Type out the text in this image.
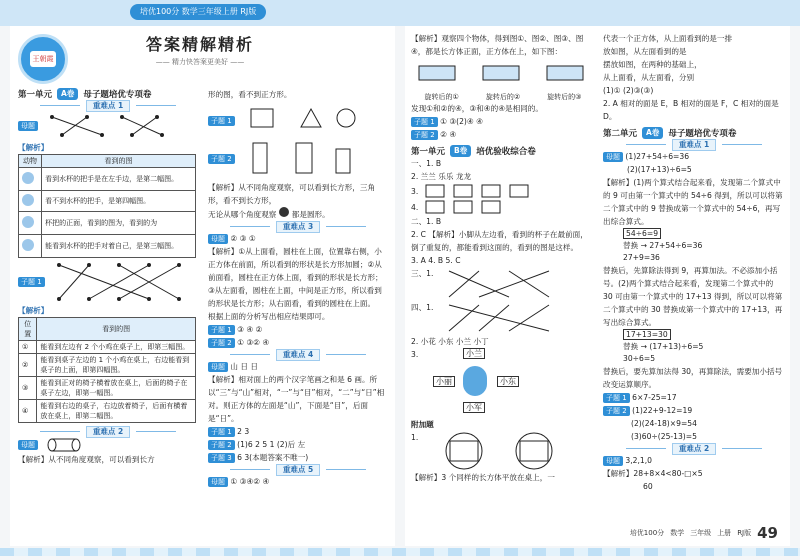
培优100分 数学三年级上册 RJ版
王朝霞
答案精解精析
—— 精力快答案更美好 ——
第一单元	A卷	母子题培优专项卷
重难点 1
母题

【解析】

动物	看到的图
	看到水杯的把手是在左手边，是第二幅图。
	看不到水杯的把手，是第四幅图。
	杯把的正面，看到的图为，看到的为
	能看到水杯的把手对着自己，是第三幅图。
子题 1

【解析】

位置	看到的图
①	能看到左边有 2 个小鸡在桌子上，即第三幅图。
②	能看到桌子左边的 1 个小鸡在桌上，右边能看到桌子的上面，即第四幅图。
③	能看到正对的椅子横着放在桌上，后面的椅子在桌子左边，即第一幅图。
④	能看到右边的桌子，右边放着椅子，后面有横着放在桌上，即第二幅图。
重难点 2
母题

【解析】从不同角度观察，可以看到长方

形的图，看不到正方形。

子题 1
子题 2

【解析】从不同角度观察，可以看到长方形，三角形，看不到长方形，

无论从哪个角度观察 都是圆形。

重难点 3

母题 ② ③ ①

【解析】①从上面看，圆柱在上面，位置靠右侧，小正方体在前面，所以看到的形状是长方形加圆；②从前面看，圆柱在正方体上面，看到的形状是长方形；③从左面看，圆柱在上面，中间是正方形，所以看到的形状是长方形；从右面看，看到的圆柱在上面。

根据上面的分析写出相应结果即可。

子题 1 ③ ④ ②

子题 2 ① ③② ④

重难点 4

母题 山 日 日

【解析】相对面上的两个汉字笔画之和是 6 画。所以“三”与“山”相对，“一”与“目”相对，“二”与“日”相对。则正方体的左面是“山”，下面是“目”，后面是“日”。

子题 1 2 3

子题 2 (1)6 2 5 1 (2)后 左

子题 3 6 3(本题答案不唯一)

重难点 5

母题 ① ③④② ④

【解析】观察四个物体，得到图①、图②、图③、图④，都是长方体正面，正方体在上，如下图：

旋转后的①	旋转后的②	旋转后的③

发现①和②的④，③和④的④是相同的。

子题 1 ① ③(2)④ ④

子题 2 ② ④

第一单元	B卷	培优验收综合卷

一、1. B

2. 兰兰 乐乐 龙龙

3.

4.

二、1. B

2. C 【解析】小脚从左边看，看到的杯子在最前面，倒了重复的，都能看到这面的，看到的图是这样。

3. A 4. B 5. C

三、1.

四、1.

2. 小花 小东 小兰 小丁

3.	小兰
小丽	小东
小军

附加题

1.

【解析】3 个同样的长方体平放在桌上，一

代表一个正方体，从上面看到的是一排

放如图，从左面看到的是

摆放如图，在两种的基础上，

从上面看，从左面看，分别

(1)① (2)③(③)

2. A 相对的面是 E，B 相对的面是 F，C 相对的面是 D。

第二单元	A卷	母子题培优专项卷
重难点 1

母题 (1)27+54÷6=36

(2)(17+13)÷6=5

【解析】(1)两个算式结合起来看，发现第二个算式中的 9 可由第一个算式中的 54÷6 得到，所以可以将第二个算式中的 9 替换成第一个算式中的 54÷6，再写出综合算式。

54÷6=9
替换 → 27+54÷6=36
27+9=36

替换后，先算除法得到 9，再算加法。不必添加小括号。(2)两个算式结合起来看，发现第二个算式中的 30 可由第一个算式中的 17+13 得到，所以可以将第二个算式中的 30 替换成第一个算式中的 17+13，再写出综合算式。

17+13=30
替换 → (17+13)÷6=5
30÷6=5

替换后，要先算加法得 30，再算除法，需要加小括号改变运算顺序。

子题 1 6×7-25=17

子题 2 (1)22+9-12=19

(2)(24-18)×9=54

(3)60÷(25-13)=5

重难点 2

母题 3,2,1,0

【解析】28+8×4<80-□×5

60

培优100分 数学 三年级 上册 RJ版 49
